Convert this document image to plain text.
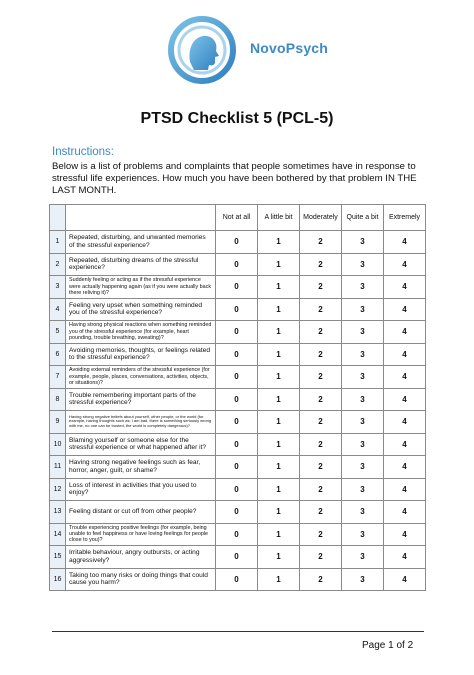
NovoPsych
PTSD Checklist 5 (PCL-5)
Instructions:
Below is a list of problems and complaints that people sometimes have in response to stressful life experiences. How much you have been bothered by that problem IN THE LAST MONTH.
		Not at all	A little bit	Moderately	Quite a bit	Extremely
1	Repeated, disturbing, and unwanted memories of the stressful experience?	0	1	2	3	4
2	Repeated, disturbing dreams of the stressful experience?	0	1	2	3	4
3	Suddenly feeling or acting as if the stressful experience were actually happening again (as if you were actually back there reliving it)?	0	1	2	3	4
4	Feeling very upset when something reminded you of the stressful experience?	0	1	2	3	4
5	Having strong physical reactions when something reminded you of the stressful experience (for example, heart pounding, trouble breathing, sweating)?	0	1	2	3	4
6	Avoiding memories, thoughts, or feelings related to the stressful experience?	0	1	2	3	4
7	Avoiding external reminders of the stressful experience (for example, people, places, conversations, activities, objects, or situations)?	0	1	2	3	4
8	Trouble remembering important parts of the stressful experience?	0	1	2	3	4
9	Having strong negative beliefs about yourself, other people, or the world (for example, having thoughts such as: I am bad, there is something seriously wrong with me, no one can be trusted, the world is completely dangerous)?	0	1	2	3	4
10	Blaming yourself or someone else for the stressful experience or what happened after it?	0	1	2	3	4
11	Having strong negative feelings such as fear, horror, anger, guilt, or shame?	0	1	2	3	4
12	Loss of interest in activities that you used to enjoy?	0	1	2	3	4
13	Feeling distant or cut off from other people?	0	1	2	3	4
14	Trouble experiencing positive feelings (for example, being unable to feel happiness or have loving feelings for people close to you)?	0	1	2	3	4
15	Irritable behaviour, angry outbursts, or acting aggressively?	0	1	2	3	4
16	Taking too many risks or doing things that could cause you harm?	0	1	2	3	4
Page 1 of 2
